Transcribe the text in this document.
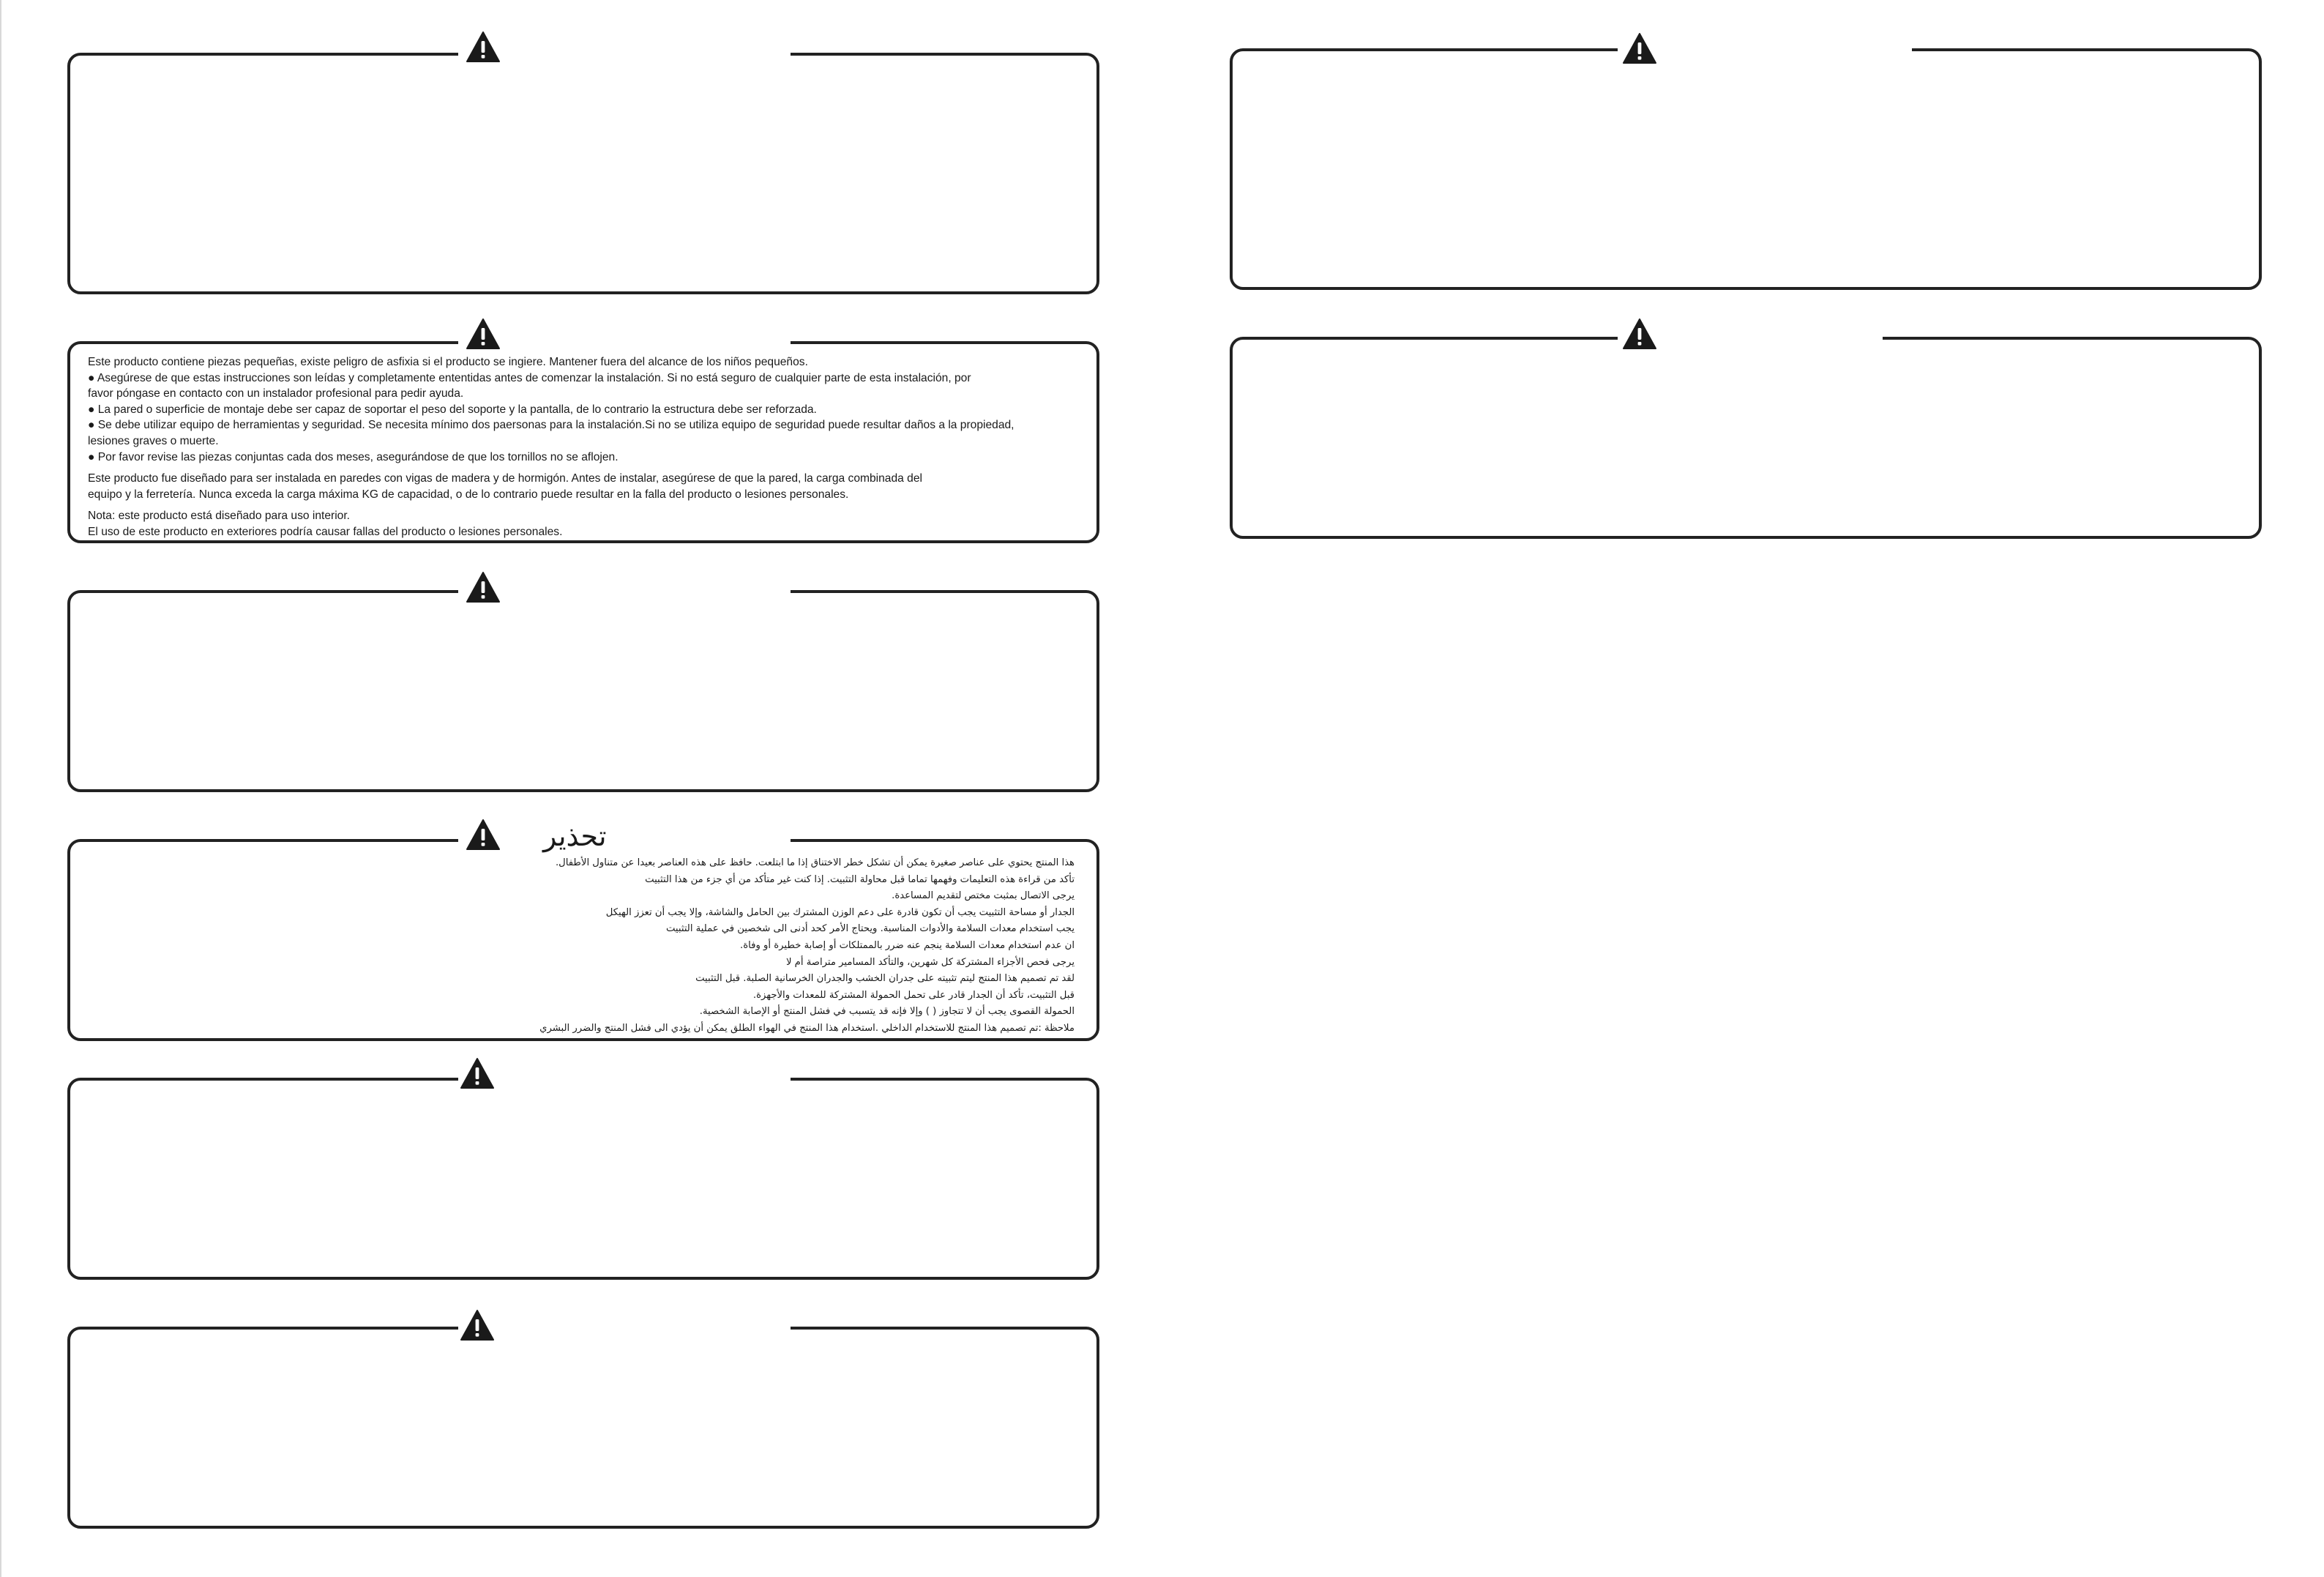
Este producto contiene piezas pequeñas, existe peligro de asfixia si el producto se ingiere. Mantener fuera del alcance de los niños pequeños.
● Asegúrese de que estas instrucciones son leídas y completamente ententidas antes de comenzar la instalación. Si no está seguro de cualquier parte de esta instalación, por
favor póngase en contacto con un instalador profesional para pedir ayuda.
● La pared o superficie de montaje debe ser capaz de soportar el peso del soporte y la pantalla, de lo contrario la estructura debe ser reforzada.
● Se debe utilizar equipo de herramientas y seguridad. Se necesita mínimo dos paersonas para la instalación.Si no se utiliza equipo de seguridad puede resultar daños a la propiedad,
lesiones graves o muerte.
● Por favor revise las piezas conjuntas cada dos meses, asegurándose de que los tornillos no se aflojen.
Este producto fue diseñado para ser instalada en paredes con vigas de madera y de hormigón. Antes de instalar, asegúrese de que la pared, la carga combinada del
equipo y la ferretería. Nunca exceda la carga máxima KG de capacidad, o de lo contrario puede resultar en la falla del producto o lesiones personales.
Nota: este producto está diseñado para uso interior.
El uso de este producto en exteriores podría causar fallas del producto o lesiones personales.
هذا المنتج يحتوي على عناصر صغيرة يمكن أن تشكل خطر الاختناق إذا ما ابتلعت. حافظ على هذه العناصر بعيدا عن متناول الأطفال.
تأكد من قراءة هذه التعليمات وفهمها تماما قبل محاولة التثبيت. إذا كنت غير متأكد من أي جزء من هذا التثبيت
يرجى الاتصال بمثبت مختص لتقديم المساعدة.
الجدار أو مساحة التثبيت يجب أن تكون قادرة على دعم الوزن المشترك بين الحامل والشاشة، وإلا يجب أن تعزز الهيكل
يجب استخدام معدات السلامة والأدوات المناسبة. ويحتاج الأمر كحد أدنى الى شخصين في عملية التثبيت
ان عدم استخدام معدات السلامة ينجم عنه ضرر بالممتلكات أو إصابة خطيرة أو وفاة.
يرجى فحص الأجزاء المشتركة كل شهرين، والتأكد المسامير متراصة أم لا
لقد تم تصميم هذا المنتج ليتم تثبيته على جدران الخشب والجدران الخرسانية الصلبة. قبل التثبيت
قبل التثبيت، تأكد أن الجدار قادر على تحمل الحمولة المشتركة للمعدات والأجهزة.
الحمولة القصوى يجب أن لا تتجاوز ( ) وإلا فإنه قد يتسبب في فشل المنتج أو الإصابة الشخصية.
ملاحظة :تم تصميم هذا المنتج للاستخدام الداخلي .استخدام هذا المنتج في الهواء الطلق يمكن أن يؤدي الى فشل المنتج والضرر البشري
تحذير
